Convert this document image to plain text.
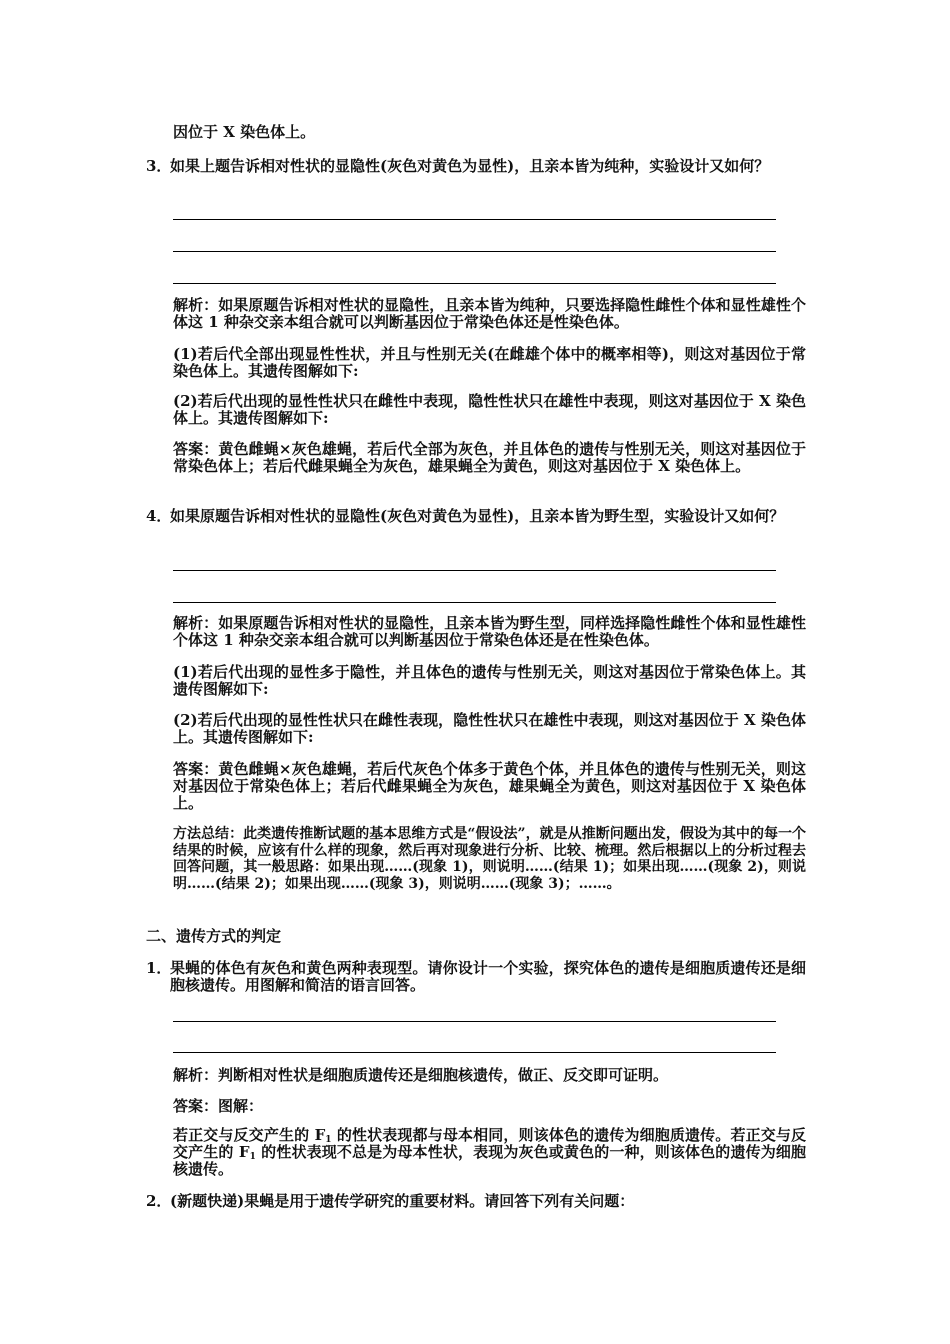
因位于 X 染色体上。
3．
如果上题告诉相对性状的显隐性(灰色对黄色为显性)，且亲本皆为纯种，实验设计又如何？
解析：如果原题告诉相对性状的显隐性，且亲本皆为纯种，只要选择隐性雌性个体和显性雄性个体这 1 种杂交亲本组合就可以判断基因位于常染色体还是性染色体。
(1)若后代全部出现显性性状，并且与性别无关(在雌雄个体中的概率相等)，则这对基因位于常染色体上。其遗传图解如下:
(2)若后代出现的显性性状只在雌性中表现，隐性性状只在雄性中表现，则这对基因位于 X 染色体上。其遗传图解如下:
答案：黄色雌蝇×灰色雄蝇，若后代全部为灰色，并且体色的遗传与性别无关，则这对基因位于常染色体上；若后代雌果蝇全为灰色，雄果蝇全为黄色，则这对基因位于 X 染色体上。
4．
如果原题告诉相对性状的显隐性(灰色对黄色为显性)，且亲本皆为野生型，实验设计又如何？
解析：如果原题告诉相对性状的显隐性，且亲本皆为野生型，同样选择隐性雌性个体和显性雄性个体这 1 种杂交亲本组合就可以判断基因位于常染色体还是在性染色体。
(1)若后代出现的显性多于隐性，并且体色的遗传与性别无关，则这对基因位于常染色体上。其遗传图解如下:
(2)若后代出现的显性性状只在雌性表现，隐性性状只在雄性中表现，则这对基因位于 X 染色体上。其遗传图解如下:
答案：黄色雌蝇×灰色雄蝇，若后代灰色个体多于黄色个体，并且体色的遗传与性别无关，则这对基因位于常染色体上；若后代雌果蝇全为灰色，雄果蝇全为黄色，则这对基因位于 X 染色体上。
方法总结：此类遗传推断试题的基本思维方式是“假设法”，就是从推断问题出发，假设为其中的每一个结果的时候，应该有什么样的现象，然后再对现象进行分析、比较、梳理。然后根据以上的分析过程去回答问题，其一般思路：如果出现……(现象 1)，则说明……(结果 1)；如果出现……(现象 2)，则说明……(结果 2)；如果出现……(现象 3)，则说明……(现象 3)；……。
二、遗传方式的判定
1．
果蝇的体色有灰色和黄色两种表现型。请你设计一个实验，探究体色的遗传是细胞质遗传还是细胞核遗传。用图解和简洁的语言回答。
解析：判断相对性状是细胞质遗传还是细胞核遗传，做正、反交即可证明。
答案：图解：
若正交与反交产生的 $F_1$ 的性状表现都与母本相同，则该体色的遗传为细胞质遗传。若正交与反交产生的 $F_1$ 的性状表现不总是为母本性状，表现为灰色或黄色的一种，则该体色的遗传为细胞核遗传。
2．
(新题快递)果蝇是用于遗传学研究的重要材料。请回答下列有关问题：
